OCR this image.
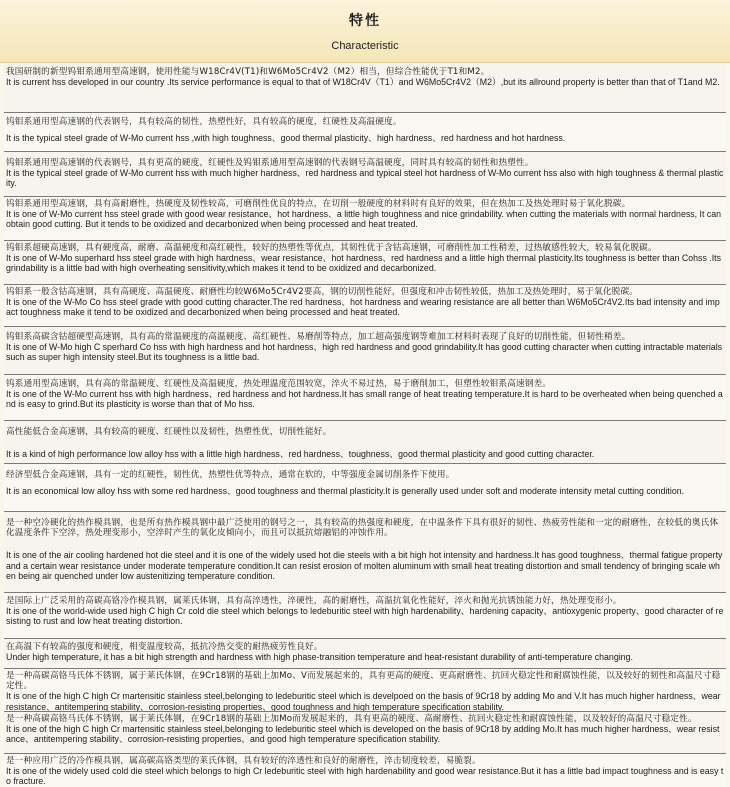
特性
Characteristic
我国研制的新型钨钼系通用型高速钢，使用性能与W18Cr4V(T1)和W6Mo5Cr4V2（M2）相当，但综合性能优于T1和M2。
It is current hss developed in our country .Its service performance is equal to that of W18Cr4V（T1）and W6Mo5Cr4V2（M2）,but its allround property is better than that of T1and M2.
钨钼系通用型高速钢的代表钢号，具有较高的韧性，热塑性好，具有较高的硬度，红硬性及高温硬度。
It is the typical steel grade of W-Mo current hss ,with high toughness、good thermal plasticity、high hardness、red hardness and hot hardness.
钨钼系通用型高速钢的代表钢号，具有更高的硬度，红硬性及钨钼系通用型高速钢的代表钢号高温硬度，同时具有较高的韧性和热塑性。
It is the typical steel grade of W-Mo current hss with much higher hardness、red hardness and typical steel hot hardness of W-Mo current hss also with high toughness & thermal plasticity.
钨钼系通用型高速钢，具有高耐磨性，热硬度及韧性较高，可磨削性优良的特点，在切削一般硬度的材料时有良好的效果，但在热加工及热处理时易于氧化脱碳。
It is one of W-Mo current hss steel grade with good wear resistance、hot hardness、a little high toughness and nice grindability. when cutting the materials with normal hardness, It can obtain good cutting. But it tends to be oxidized and decarbonized when being processed and heat treated.
钨钼系超硬高速钢，具有硬度高，耐磨、高温硬度和高红硬性，较好的热塑性等优点，其韧性优于含钴高速钢，可磨削性加工性稍差，过热敏感性较大，较易氧化脱碳。
It is one of W-Mo superhard hss steel grade with high hardness、wear resistance、hot hardness、red hardness and a little high thermal plasticity.Its toughness is better than Cohss .Its grindability is a little bad with high overheating sensitivity,which makes it tend to be oxidized and decarbonized.
钨钼系一般含钴高速钢，具有高硬度、高温硬度、耐磨性均较W6Mo5Cr4V2要高，钢的切削性能好，但强度和冲击韧性较低，热加工及热处理时，易于氧化脱碳。
It is one of the W-Mo Co hss steel grade with good cutting character.The red hardness、hot hardness and wearing resistance are all better than W6Mo5Cr4V2.Its bad intensity and impact toughness make it tend to be oxidized and decarbonized when being processed and heat treated.
钨钼系高碳含钴超硬型高速钢，具有高的常温硬度的高温硬度、高红硬性、易磨削等特点，加工超高强度钢等难加工材料时表现了良好的切削性能，但韧性稍差。
It is one of W-Mo high C sperhard Co hss with high hardness and hot hardness、high red hardness and good grindability.It has good cutting character when cutting intractable materials such as super high intensity steel.But its toughness is a little bad.
钨系通用型高速钢，具有高的常温硬度、红硬性及高温硬度，热处理温度范围较宽，淬火不易过热，易于磨削加工，但塑性较钼系高速钢差。
It is one of the W-Mo current hss with high hardness、red hardness and hot hardness.It has small range of heat treating temperature.It is hard to be overheated when being quenched and is easy to grind.But its plasticity is worse than that of Mo hss.
高性能低合金高速钢，具有较高的硬度、红硬性以及韧性，热塑性优，切削性能好。
It is a kind of high performance low alloy hss with a little high hardness、red hardness、toughness、good thermal plasticity and good cutting character.
经济型低合金高速钢，具有一定的红硬性，韧性优，热塑性优等特点，通常在软的，中等强度金属切削条件下使用。
It is an economical low alloy hss with some red hardness、good toughness and thermal plasticity.It is generally used under soft and moderate intensity metal cutting condition.
是一种空冷硬化的热作模具钢，也是所有热作模具钢中最广泛使用的钢号之一，具有较高的热强度和硬度，在中温条件下具有很好的韧性、热疲劳性能和一定的耐磨性，在较低的奥氏体化温度条件下空淬，热处理变形小，空淬时产生的氧化皮倾向小，而且可以抵抗熔融铝的冲蚀作用。
It is one of the air cooling hardened hot die steel and it is one of the widely used hot die steels with a bit high hot intensity and hardness.It has good toughness、thermal fatigue property and a certain wear resistance under moderate temperature condition.It can resist erosion of molten aluminum with small heat treating distortion and small tendency of bringing scale when being air quenched under low austenitizing temperature condition.
是国际上广泛采用的高碳高铬冷作模具钢，属莱氏体钢，具有高淬透性，淬硬性，高的耐磨性，高温抗氧化性能好，淬火和抛光抗锈蚀能力好，热处理变形小。
It is one of the world-wide used high C high Cr cold die steel which belongs to ledeburitic steel with high hardenability、hardening capacity、antioxygenic property、good character of resisting to rust and low heat treating distortion.
在高温下有较高的强度和硬度，相变温度较高，抵抗冷热交变的耐热疲劳性良好。
Under high temperature, it has a bit high strength and hardness with high phase-transition temperature and heat-resistant durability of anti-temperature changing.
是一种高碳高铬马氏体不锈钢，属于莱氏体钢，在9Cr18钢的基础上加Mo、V而发展起来的，具有更高的硬度、更高耐磨性、抗回火稳定性和耐腐蚀性能，以及较好的韧性和高温尺寸稳定性。
It is one of the high C high Cr martensitic stainless steel,belonging to ledeburitic steel which is develpoed on the basis of 9Cr18 by adding Mo and V.It has much higher hardness、wear resistance、antitempering stability、corrosion-resisting properties、good toughness and high temperature specification stability.
是一种高碳高铬马氏体不锈钢，属于莱氏体钢，在9Cr18钢的基础上加Mo而发展起来的，具有更高的硬度、高耐磨性、抗回火稳定性和耐腐蚀性能，以及较好的高温尺寸稳定性。
It is one of the high C high Cr martensitic stainless steel,belonging to ledeburitic steel which is developed on the basis of 9Cr18 by adding Mo.It has much higher hardness、wear resistance、antitempering stability、corrosion-resisting properties、and good high temperature specification stability.
是一种应用广泛的冷作模具钢，属高碳高铬类型的莱氏体钢，具有较好的淬透性和良好的耐磨性，淬击韧度较差，易脆裂。
It is one of the widely used cold die steel which belongs to high Cr ledeburitic steel with high hardenability and good wear resistance.But it has a little bad impact toughness and is easy to fracture.
